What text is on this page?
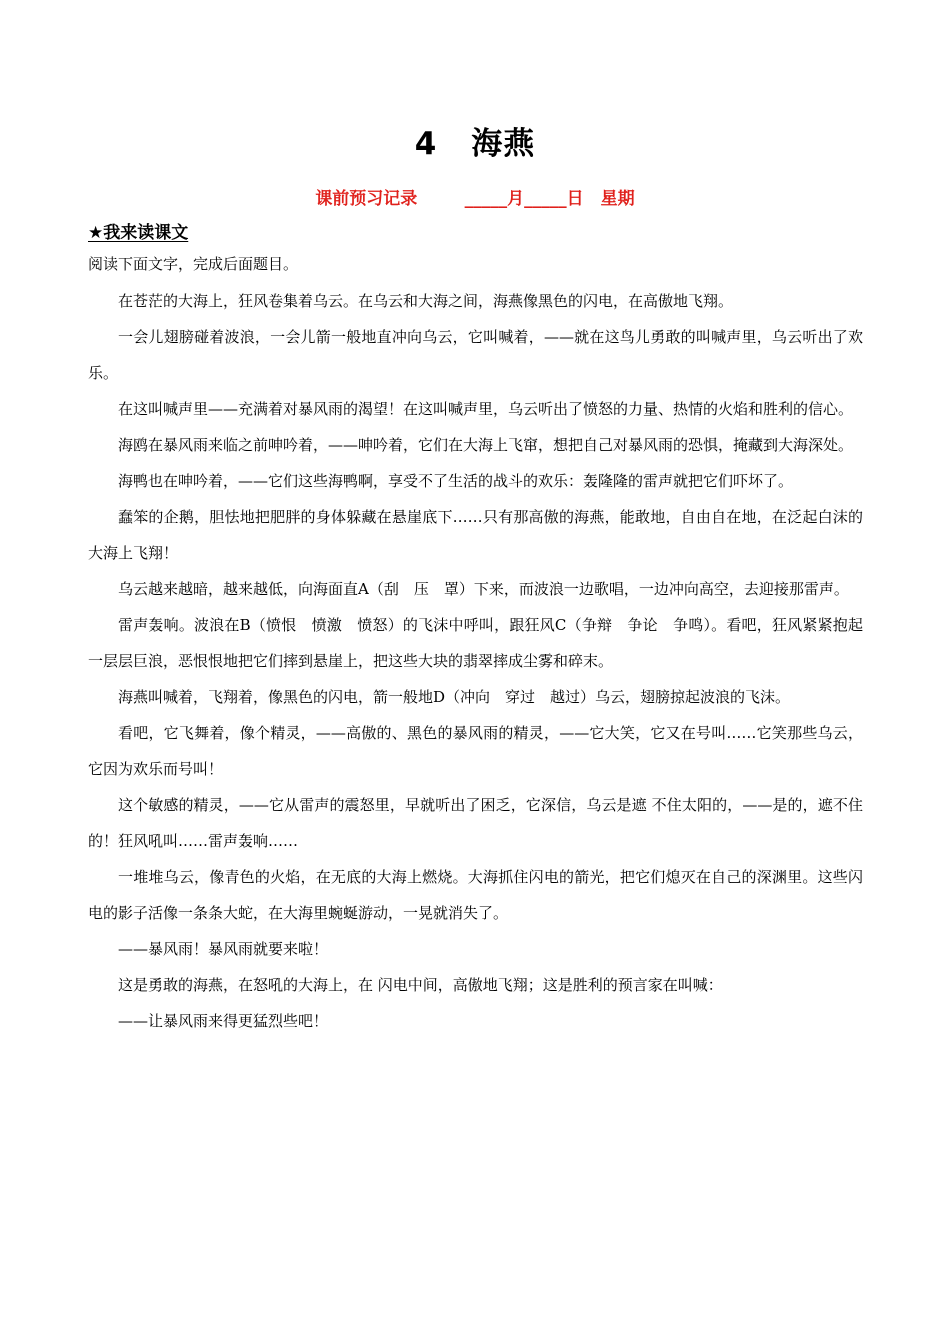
4 海燕
课前预习记录	_____月_____日　星期
★我来读课文
阅读下面文字，完成后面题目。

在苍茫的大海上，狂风卷集着乌云。在乌云和大海之间，海燕像黑色的闪电，在高傲地飞翔。

一会儿翅膀碰着波浪，一会儿箭一般地直冲向乌云，它叫喊着，——就在这鸟儿勇敢的叫喊声里，乌云听出了欢乐。

在这叫喊声里——充满着对暴风雨的渴望！在这叫喊声里，乌云听出了愤怒的力量、热情的火焰和胜利的信心。

海鸥在暴风雨来临之前呻吟着，——呻吟着，它们在大海上飞窜，想把自己对暴风雨的恐惧，掩藏到大海深处。

海鸭也在呻吟着，——它们这些海鸭啊，享受不了生活的战斗的欢乐：轰隆隆的雷声就把它们吓坏了。

蠢笨的企鹅，胆怯地把肥胖的身体躲藏在悬崖底下……只有那高傲的海燕，能敢地，自由自在地，在泛起白沫的大海上飞翔！

乌云越来越暗，越来越低，向海面直A（刮　压　罩）下来，而波浪一边歌唱，一边冲向高空，去迎接那雷声。

雷声轰响。波浪在B（愤恨　愤激　愤怒）的飞沫中呼叫，跟狂风C（争辩　争论　争鸣）。看吧，狂风紧紧抱起一层层巨浪，恶恨恨地把它们摔到悬崖上，把这些大块的翡翠摔成尘雾和碎末。

海燕叫喊着，飞翔着，像黑色的闪电，箭一般地D（冲向　穿过　越过）乌云，翅膀掠起波浪的飞沫。

看吧，它飞舞着，像个精灵，——高傲的、黑色的暴风雨的精灵，——它大笑，它又在号叫……它笑那些乌云，它因为欢乐而号叫！

这个敏感的精灵，——它从雷声的震怒里，早就听出了困乏，它深信，乌云是遮 不住太阳的，——是的，遮不住的！狂风吼叫……雷声轰响……

一堆堆乌云，像青色的火焰，在无底的大海上燃烧。大海抓住闪电的箭光，把它们熄灭在自己的深渊里。这些闪电的影子活像一条条大蛇，在大海里蜿蜒游动，一晃就消失了。

——暴风雨！暴风雨就要来啦！

这是勇敢的海燕，在怒吼的大海上，在 闪电中间，高傲地飞翔；这是胜利的预言家在叫喊：

——让暴风雨来得更猛烈些吧！
